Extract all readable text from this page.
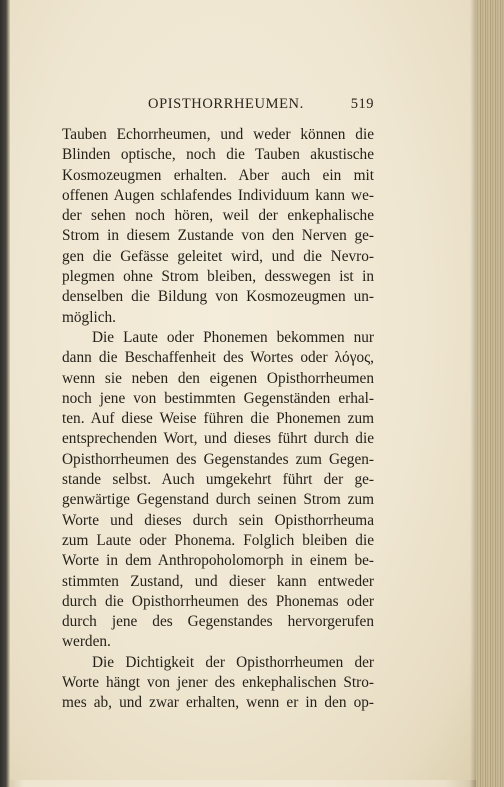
OPISTHORRHEUMEN.	519
Tauben Echorrheumen, und weder können die
Blinden optische, noch die Tauben akustische
Kosmozeugmen erhalten. Aber auch ein mit
offenen Augen schlafendes Individuum kann we-
der sehen noch hören, weil der enkephalische
Strom in diesem Zustande von den Nerven ge-
gen die Gefässe geleitet wird, und die Nevro-
plegmen ohne Strom bleiben, desswegen ist in
denselben die Bildung von Kosmozeugmen un-
möglich.
Die Laute oder Phonemen bekommen nur
dann die Beschaffenheit des Wortes oder λόγος,
wenn sie neben den eigenen Opisthorrheumen
noch jene von bestimmten Gegenständen erhal-
ten. Auf diese Weise führen die Phonemen zum
entsprechenden Wort, und dieses führt durch die
Opisthorrheumen des Gegenstandes zum Gegen-
stande selbst. Auch umgekehrt führt der ge-
genwärtige Gegenstand durch seinen Strom zum
Worte und dieses durch sein Opisthorrheuma
zum Laute oder Phonema. Folglich bleiben die
Worte in dem Anthropoholomorph in einem be-
stimmten Zustand, und dieser kann entweder
durch die Opisthorrheumen des Phonemas oder
durch jene des Gegenstandes hervorgerufen
werden.
Die Dichtigkeit der Opisthorrheumen der
Worte hängt von jener des enkephalischen Stro-
mes ab, und zwar erhalten, wenn er in den op-
